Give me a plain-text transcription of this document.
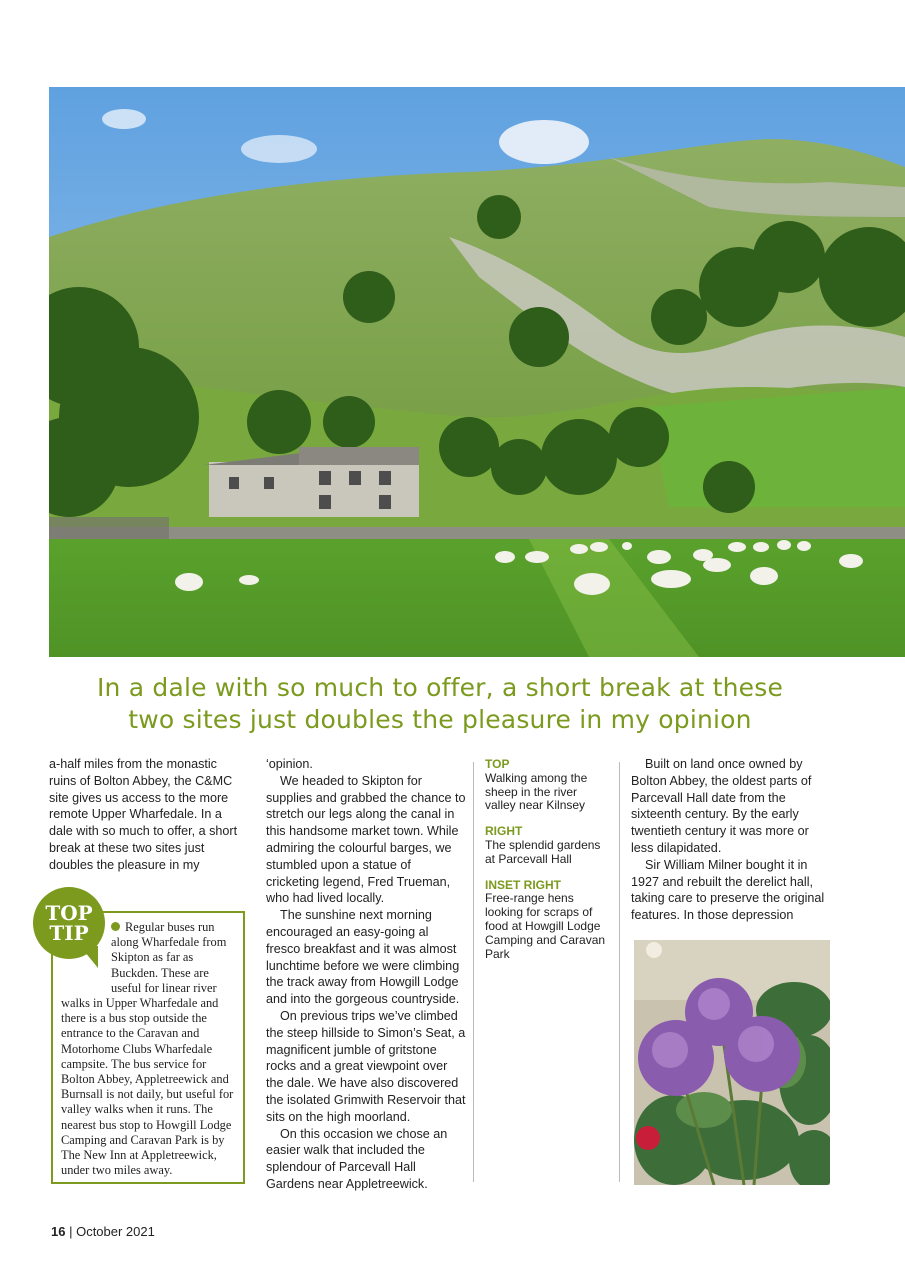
In a dale with so much to offer, a short break at these
two sites just doubles the pleasure in my opinion

a-half miles from the monastic ruins of Bolton Abbey, the C&MC site gives us access to the more remote Upper Wharfedale. In a dale with so much to offer, a short break at these two sites just doubles the pleasure in my

TOP
TIP	Regular buses run along Wharfedale from Skipton as far as Buckden. These are useful for linear river walks in Upper Wharfedale and there is a bus stop outside the entrance to the Caravan and Motorhome Clubs Wharfedale campsite. The bus service for Bolton Abbey, Appletreewick and Burnsall is not daily, but useful for valley walks when it runs. The nearest bus stop to Howgill Lodge Camping and Caravan Park is by The New Inn at Appletreewick, under two miles away.

‘opinion.

We headed to Skipton for supplies and grabbed the chance to stretch our legs along the canal in this handsome market town. While admiring the colourful barges, we stumbled upon a statue of cricketing legend, Fred Trueman, who had lived locally.

The sunshine next morning encouraged an easy-going al fresco breakfast and it was almost lunchtime before we were climbing the track away from Howgill Lodge and into the gorgeous countryside.

On previous trips we’ve climbed the steep hillside to Simon’s Seat, a magnificent jumble of gritstone rocks and a great viewpoint over the dale. We have also discovered the isolated Grimwith Reservoir that sits on the high moorland.

On this occasion we chose an easier walk that included the splendour of Parcevall Hall Gardens near Appletreewick.

TOP
Walking among the sheep in the river valley near Kilnsey
RIGHT
The splendid gardens at Parcevall Hall
INSET RIGHT
Free-range hens looking for scraps of food at Howgill Lodge Camping and Caravan Park

Built on land once owned by Bolton Abbey, the oldest parts of Parcevall Hall date from the sixteenth century. By the early twentieth century it was more or less dilapidated.

Sir William Milner bought it in 1927 and rebuilt the derelict hall, taking care to preserve the original features. In those depression

16 | October 2021
